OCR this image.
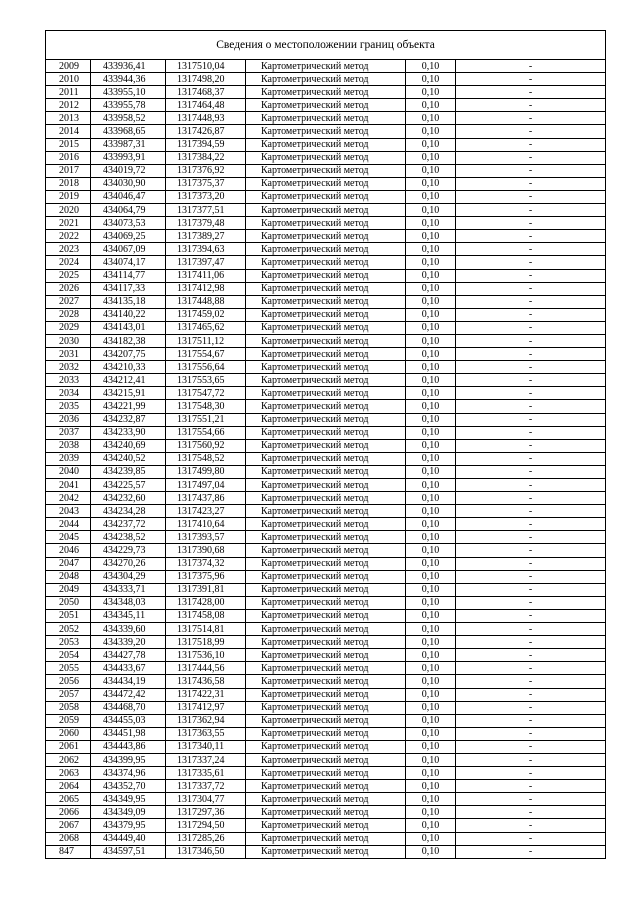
Сведения о местоположении границ объекта					
2009	433936,41	1317510,04	Картометрический метод	0,10	-
2010	433944,36	1317498,20	Картометрический метод	0,10	-
2011	433955,10	1317468,37	Картометрический метод	0,10	-
2012	433955,78	1317464,48	Картометрический метод	0,10	-
2013	433958,52	1317448,93	Картометрический метод	0,10	-
2014	433968,65	1317426,87	Картометрический метод	0,10	-
2015	433987,31	1317394,59	Картометрический метод	0,10	-
2016	433993,91	1317384,22	Картометрический метод	0,10	-
2017	434019,72	1317376,92	Картометрический метод	0,10	-
2018	434030,90	1317375,37	Картометрический метод	0,10	-
2019	434046,47	1317373,20	Картометрический метод	0,10	-
2020	434064,79	1317377,51	Картометрический метод	0,10	-
2021	434073,53	1317379,48	Картометрический метод	0,10	-
2022	434069,25	1317389,27	Картометрический метод	0,10	-
2023	434067,09	1317394,63	Картометрический метод	0,10	-
2024	434074,17	1317397,47	Картометрический метод	0,10	-
2025	434114,77	1317411,06	Картометрический метод	0,10	-
2026	434117,33	1317412,98	Картометрический метод	0,10	-
2027	434135,18	1317448,88	Картометрический метод	0,10	-
2028	434140,22	1317459,02	Картометрический метод	0,10	-
2029	434143,01	1317465,62	Картометрический метод	0,10	-
2030	434182,38	1317511,12	Картометрический метод	0,10	-
2031	434207,75	1317554,67	Картометрический метод	0,10	-
2032	434210,33	1317556,64	Картометрический метод	0,10	-
2033	434212,41	1317553,65	Картометрический метод	0,10	-
2034	434215,91	1317547,72	Картометрический метод	0,10	-
2035	434221,99	1317548,30	Картометрический метод	0,10	-
2036	434232,87	1317551,21	Картометрический метод	0,10	-
2037	434233,90	1317554,66	Картометрический метод	0,10	-
2038	434240,69	1317560,92	Картометрический метод	0,10	-
2039	434240,52	1317548,52	Картометрический метод	0,10	-
2040	434239,85	1317499,80	Картометрический метод	0,10	-
2041	434225,57	1317497,04	Картометрический метод	0,10	-
2042	434232,60	1317437,86	Картометрический метод	0,10	-
2043	434234,28	1317423,27	Картометрический метод	0,10	-
2044	434237,72	1317410,64	Картометрический метод	0,10	-
2045	434238,52	1317393,57	Картометрический метод	0,10	-
2046	434229,73	1317390,68	Картометрический метод	0,10	-
2047	434270,26	1317374,32	Картометрический метод	0,10	-
2048	434304,29	1317375,96	Картометрический метод	0,10	-
2049	434333,71	1317391,81	Картометрический метод	0,10	-
2050	434348,03	1317428,00	Картометрический метод	0,10	-
2051	434345,11	1317458,08	Картометрический метод	0,10	-
2052	434339,60	1317514,81	Картометрический метод	0,10	-
2053	434339,20	1317518,99	Картометрический метод	0,10	-
2054	434427,78	1317536,10	Картометрический метод	0,10	-
2055	434433,67	1317444,56	Картометрический метод	0,10	-
2056	434434,19	1317436,58	Картометрический метод	0,10	-
2057	434472,42	1317422,31	Картометрический метод	0,10	-
2058	434468,70	1317412,97	Картометрический метод	0,10	-
2059	434455,03	1317362,94	Картометрический метод	0,10	-
2060	434451,98	1317363,55	Картометрический метод	0,10	-
2061	434443,86	1317340,11	Картометрический метод	0,10	-
2062	434399,95	1317337,24	Картометрический метод	0,10	-
2063	434374,96	1317335,61	Картометрический метод	0,10	-
2064	434352,70	1317337,72	Картометрический метод	0,10	-
2065	434349,95	1317304,77	Картометрический метод	0,10	-
2066	434349,09	1317297,36	Картометрический метод	0,10	-
2067	434379,95	1317294,50	Картометрический метод	0,10	-
2068	434449,40	1317285,26	Картометрический метод	0,10	-
847	434597,51	1317346,50	Картометрический метод	0,10	-
